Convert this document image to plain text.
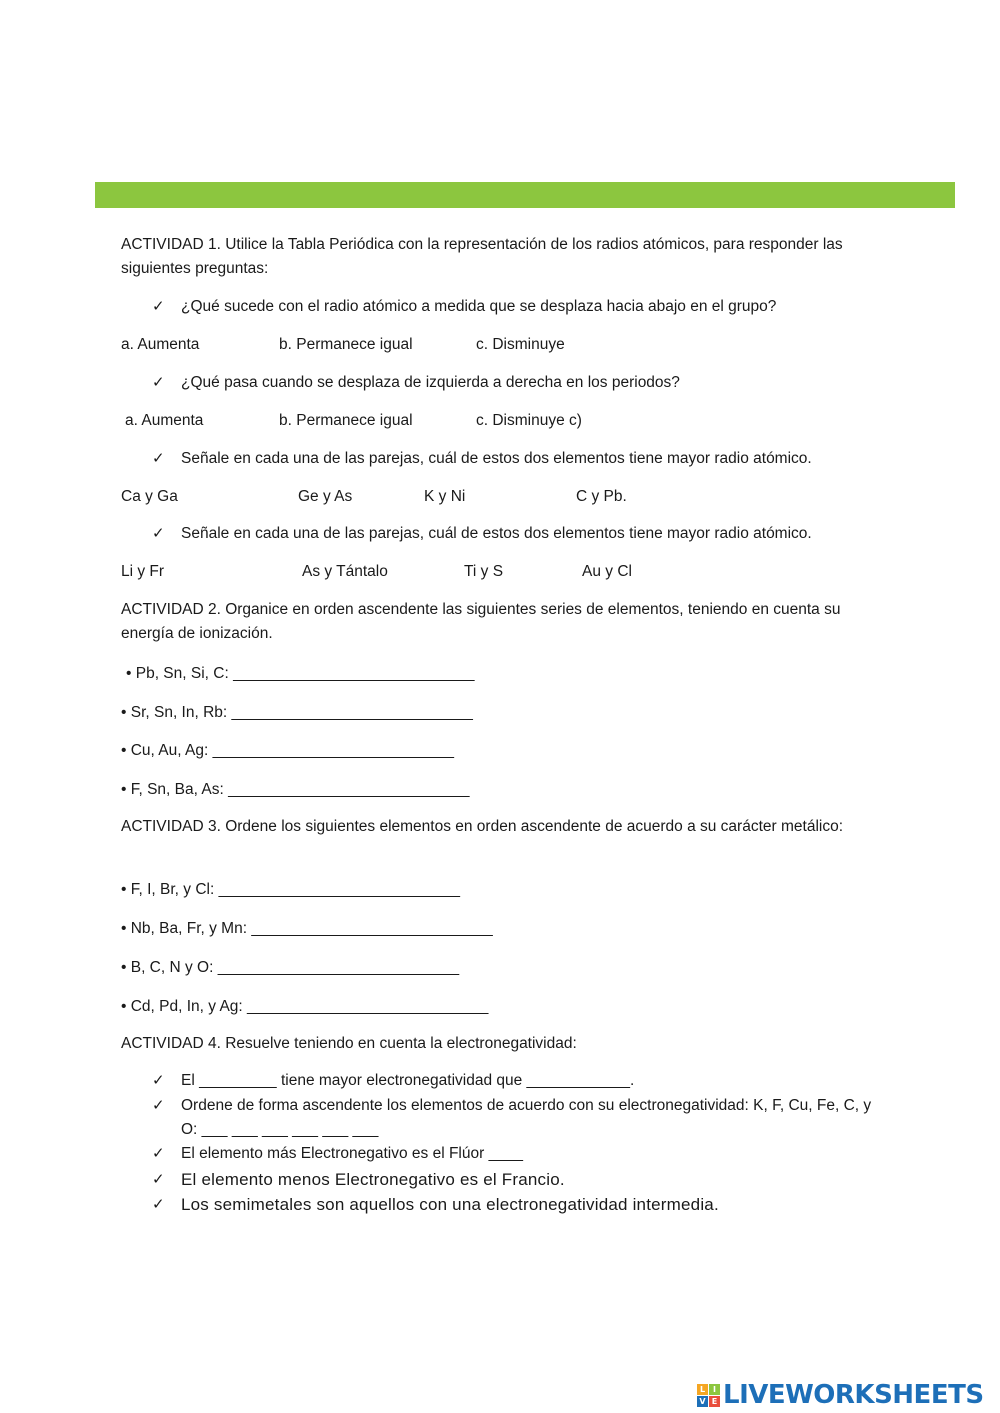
ACTIVIDAD 1. Utilice la Tabla Periódica con la representación de los radios atómicos, para responder las siguientes preguntas:
✓ ¿Qué sucede con el radio atómico a medida que se desplaza hacia abajo en el grupo?
a. Aumenta	b. Permanece igual	c. Disminuye
✓ ¿Qué pasa cuando se desplaza de izquierda a derecha en los periodos?
a. Aumenta	b. Permanece igual	c. Disminuye c)
✓ Señale en cada una de las parejas, cuál de estos dos elementos tiene mayor radio atómico.
Ca y Ga	Ge y As	K y Ni	C y Pb.
✓ Señale en cada una de las parejas, cuál de estos dos elementos tiene mayor radio atómico.
Li y Fr	As y Tántalo	Ti y S	Au y Cl
ACTIVIDAD 2. Organice en orden ascendente las siguientes series de elementos, teniendo en cuenta su energía de ionización.
• Pb, Sn, Si, C: ____________________________
• Sr, Sn, In, Rb: ____________________________
• Cu, Au, Ag: ____________________________
• F, Sn, Ba, As: ____________________________
ACTIVIDAD 3. Ordene los siguientes elementos en orden ascendente de acuerdo a su carácter metálico:
• F, I, Br, y Cl: ____________________________
• Nb, Ba, Fr, y Mn: ____________________________
• B, C, N y O: ____________________________
• Cd, Pd, In, y Ag: ____________________________
ACTIVIDAD 4. Resuelve teniendo en cuenta la electronegatividad:
✓ El _________ tiene mayor electronegatividad que ____________.
✓ Ordene de forma ascendente los elementos de acuerdo con su electronegatividad: K, F, Cu, Fe, C, y O: ___ ___ ___ ___ ___ ___
✓ El elemento más Electronegativo es el Flúor ____
✓ El elemento menos Electronegativo es el Francio.
✓ Los semimetales son aquellos con una electronegatividad intermedia.
L I
V E LIVEWORKSHEETS
